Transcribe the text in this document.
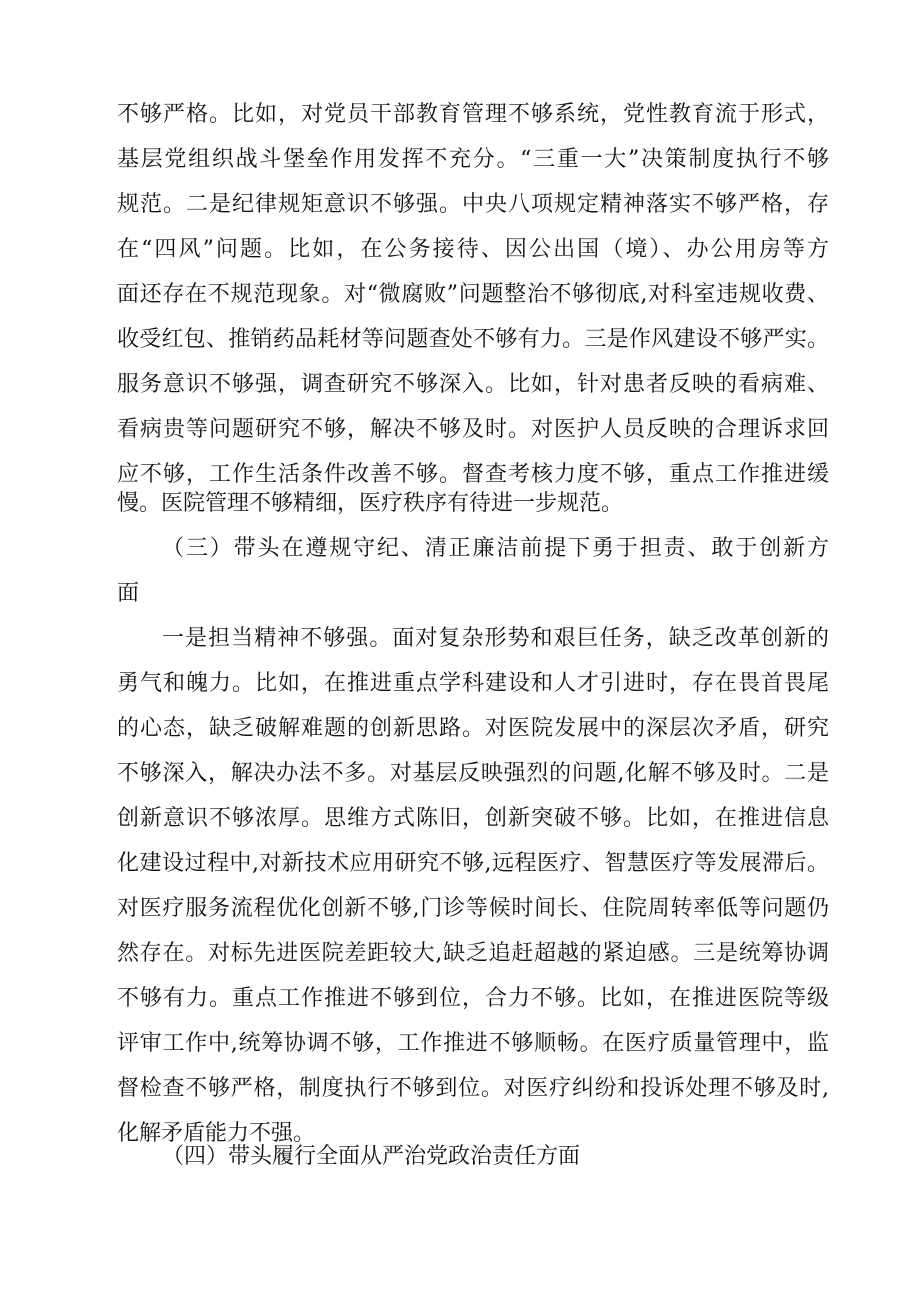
不够严格。比如，对党员干部教育管理不够系统，党性教育流于形式，
基层党组织战斗堡垒作用发挥不充分。“三重一大”决策制度执行不够
规范。二是纪律规矩意识不够强。中央八项规定精神落实不够严格，存
在“四风”问题。比如，在公务接待、因公出国（境）、办公用房等方
面还存在不规范现象。对“微腐败”问题整治不够彻底,对科室违规收费、
收受红包、推销药品耗材等问题查处不够有力。三是作风建设不够严实。
服务意识不够强，调查研究不够深入。比如，针对患者反映的看病难、
看病贵等问题研究不够，解决不够及时。对医护人员反映的合理诉求回
应不够，工作生活条件改善不够。督查考核力度不够，重点工作推进缓
慢。医院管理不够精细，医疗秩序有待进一步规范。
（三）带头在遵规守纪、清正廉洁前提下勇于担责、敢于创新方
面
一是担当精神不够强。面对复杂形势和艰巨任务，缺乏改革创新的
勇气和魄力。比如，在推进重点学科建设和人才引进时，存在畏首畏尾
的心态，缺乏破解难题的创新思路。对医院发展中的深层次矛盾，研究
不够深入，解决办法不多。对基层反映强烈的问题,化解不够及时。二是
创新意识不够浓厚。思维方式陈旧，创新突破不够。比如，在推进信息
化建设过程中,对新技术应用研究不够,远程医疗、智慧医疗等发展滞后。
对医疗服务流程优化创新不够,门诊等候时间长、住院周转率低等问题仍
然存在。对标先进医院差距较大,缺乏追赶超越的紧迫感。三是统筹协调
不够有力。重点工作推进不够到位，合力不够。比如，在推进医院等级
评审工作中,统筹协调不够，工作推进不够顺畅。在医疗质量管理中，监
督检查不够严格，制度执行不够到位。对医疗纠纷和投诉处理不够及时,
化解矛盾能力不强。
（四）带头履行全面从严治党政治责任方面
